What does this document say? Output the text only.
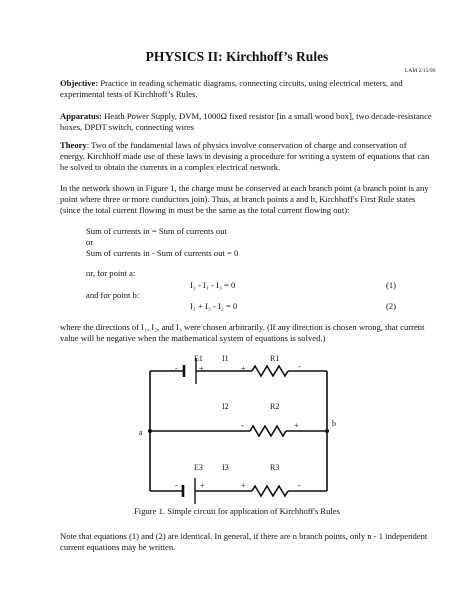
PHYSICS II: Kirchhoff’s Rules
LAM 2/15/99
Objective: Practice in reading schematic diagrams, connecting circuits, using electrical meters, and
experimental tests of Kirchhoff’s Rules.
Apparatus: Heath Power Supply, DVM, 1000Ω fixed resistor [in a small wood box], two decade-resistance
boxes, DPDT switch, connecting wires
Theory: Two of the fundamental laws of physics involve conservation of charge and conservation of
energy. Kirchhoff made use of these laws in devising a procedure for writing a system of equations that can
be solved to obtain the currents in a complex electrical network.
In the network shown in Figure 1, the charge must be conserved at each branch point (a branch point is any
point where three or more conductors join). Thus, at branch points a and b, Kirchhoff's First Rule states
(since the total current flowing in must be the same as the total current flowing out):
Sum of currents in = Sum of currents out
or
Sum of currents in - Sum of currents out = 0
or, for point a:
I₂ - I₁ - I₃ = 0	(1)
and for point b:
I₁ + I₃ - I₂ = 0	(2)
where the directions of I₁, I₂, and I₃ were chosen arbitrarily. (If any direction is chosen wrong, that current
value will be negative when the mathematical system of equations is solved.)
E1 I1	R1
-	+	+	-
I2	R2
-	+
a
b
E3 I3	R3
-	+	+	-
Figure 1. Simple circuit for application of Kirchhoff's Rules
Note that equations (1) and (2) are identical. In general, if there are n branch points, only n - 1 independent
current equations may be written.
